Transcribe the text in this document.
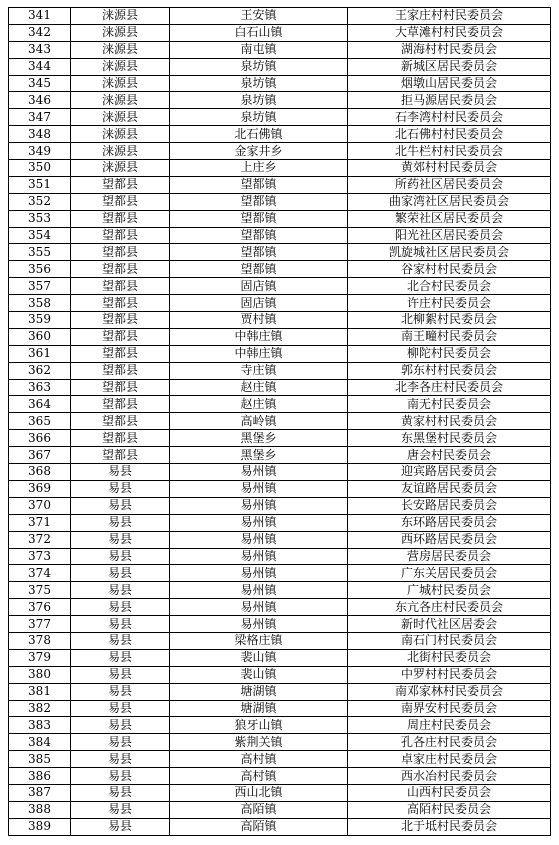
341	涞源县	王安镇	王家庄村村民委员会
342	涞源县	白石山镇	大草滩村村民委员会
343	涞源县	南屯镇	湖海村村民委员会
344	涞源县	泉坊镇	新城区居民委员会
345	涞源县	泉坊镇	烟墩山居民委员会
346	涞源县	泉坊镇	拒马源居民委员会
347	涞源县	泉坊镇	石李湾村村民委员会
348	涞源县	北石佛镇	北石佛村村民委员会
349	涞源县	金家井乡	北牛栏村村民委员会
350	涞源县	上庄乡	黄郊村村民委员会
351	望都县	望都镇	所药社区居民委员会
352	望都县	望都镇	曲家湾社区居民委员会
353	望都县	望都镇	繁荣社区居民委员会
354	望都县	望都镇	阳光社区居民委员会
355	望都县	望都镇	凯旋城社区居民委员会
356	望都县	望都镇	谷家村村民委员会
357	望都县	固店镇	北合村民委员会
358	望都县	固店镇	许庄村民委员会
359	望都县	贾村镇	北柳絮村民委员会
360	望都县	中韩庄镇	南王疃村民委员会
361	望都县	中韩庄镇	柳陀村民委员会
362	望都县	寺庄镇	郭东村村民委员会
363	望都县	赵庄镇	北李各庄村民委员会
364	望都县	赵庄镇	南无村民委员会
365	望都县	高岭镇	黄家村村民委员会
366	望都县	黑堡乡	东黑堡村民委员会
367	望都县	黑堡乡	唐会村民委员会
368	易县	易州镇	迎宾路居民委员会
369	易县	易州镇	友谊路居民委员会
370	易县	易州镇	长安路居民委员会
371	易县	易州镇	东环路居民委员会
372	易县	易州镇	西环路居民委员会
373	易县	易州镇	营房居民委员会
374	易县	易州镇	广东关居民委员会
375	易县	易州镇	广城村民委员会
376	易县	易州镇	东亢各庄村民委员会
377	易县	易州镇	新时代社区居委会
378	易县	梁格庄镇	南石门村民委员会
379	易县	裴山镇	北街村民委员会
380	易县	裴山镇	中罗村村民委员会
381	易县	塘湖镇	南邓家林村民委员会
382	易县	塘湖镇	南界安村民委员会
383	易县	狼牙山镇	周庄村民委员会
384	易县	紫荆关镇	孔各庄村民委员会
385	易县	高村镇	卓家庄村民委员会
386	易县	高村镇	西水冶村民委员会
387	易县	西山北镇	山西村民委员会
388	易县	高陌镇	高陌村民委员会
389	易县	高陌镇	北于坻村民委员会
